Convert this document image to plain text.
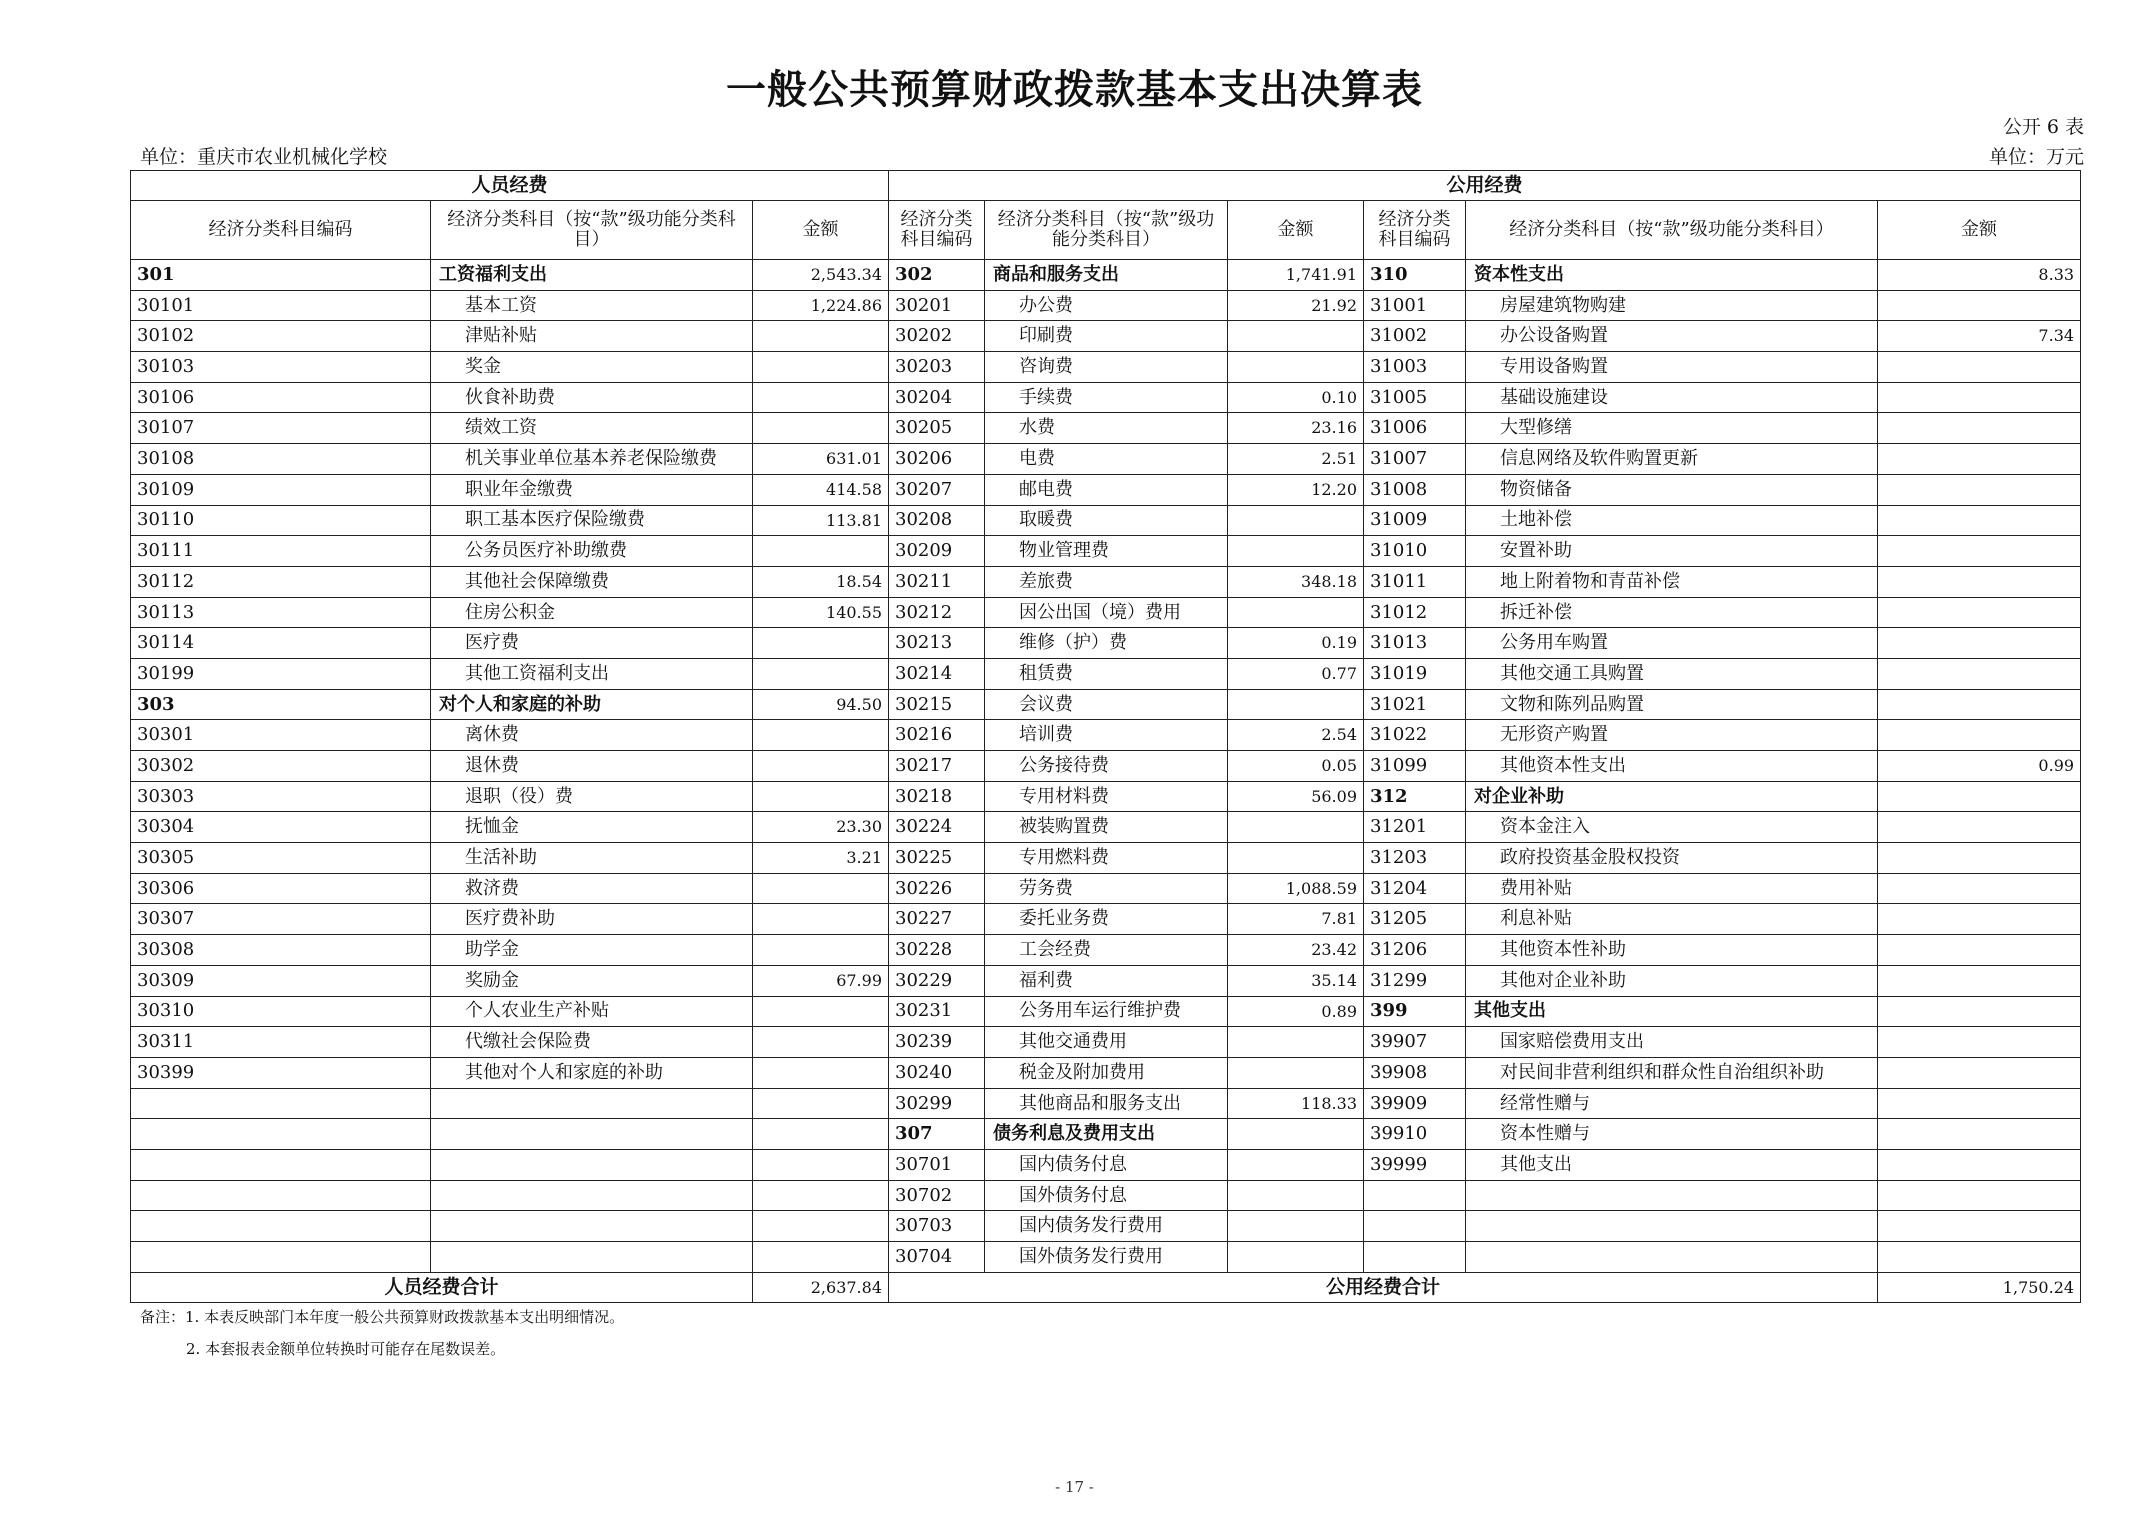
一般公共预算财政拨款基本支出决算表
公开 6 表
单位：重庆市农业机械化学校	单位：万元
人员经费			公用经费					
经济分类科目编码	经济分类科目（按“款”级功能分类科目）	金额	经济分类科目编码	经济分类科目（按“款”级功能分类科目）	金额	经济分类科目编码	经济分类科目（按“款”级功能分类科目）	金额
301	工资福利支出	2,543.34	302	商品和服务支出	1,741.91	310	资本性支出	8.33
30101	基本工资	1,224.86	30201	办公费	21.92	31001	房屋建筑物购建	
30102	津贴补贴		30202	印刷费		31002	办公设备购置	7.34
30103	奖金		30203	咨询费		31003	专用设备购置	
30106	伙食补助费		30204	手续费	0.10	31005	基础设施建设	
30107	绩效工资		30205	水费	23.16	31006	大型修缮	
30108	机关事业单位基本养老保险缴费	631.01	30206	电费	2.51	31007	信息网络及软件购置更新	
30109	职业年金缴费	414.58	30207	邮电费	12.20	31008	物资储备	
30110	职工基本医疗保险缴费	113.81	30208	取暖费		31009	土地补偿	
30111	公务员医疗补助缴费		30209	物业管理费		31010	安置补助	
30112	其他社会保障缴费	18.54	30211	差旅费	348.18	31011	地上附着物和青苗补偿	
30113	住房公积金	140.55	30212	因公出国（境）费用		31012	拆迁补偿	
30114	医疗费		30213	维修（护）费	0.19	31013	公务用车购置	
30199	其他工资福利支出		30214	租赁费	0.77	31019	其他交通工具购置	
303	对个人和家庭的补助	94.50	30215	会议费		31021	文物和陈列品购置	
30301	离休费		30216	培训费	2.54	31022	无形资产购置	
30302	退休费		30217	公务接待费	0.05	31099	其他资本性支出	0.99
30303	退职（役）费		30218	专用材料费	56.09	312	对企业补助	
30304	抚恤金	23.30	30224	被装购置费		31201	资本金注入	
30305	生活补助	3.21	30225	专用燃料费		31203	政府投资基金股权投资	
30306	救济费		30226	劳务费	1,088.59	31204	费用补贴	
30307	医疗费补助		30227	委托业务费	7.81	31205	利息补贴	
30308	助学金		30228	工会经费	23.42	31206	其他资本性补助	
30309	奖励金	67.99	30229	福利费	35.14	31299	其他对企业补助	
30310	个人农业生产补贴		30231	公务用车运行维护费	0.89	399	其他支出	
30311	代缴社会保险费		30239	其他交通费用		39907	国家赔偿费用支出	
30399	其他对个人和家庭的补助		30240	税金及附加费用		39908	对民间非营利组织和群众性自治组织补助	
			30299	其他商品和服务支出	118.33	39909	经常性赠与	
			307	债务利息及费用支出		39910	资本性赠与	
			30701	国内债务付息		39999	其他支出	
			30702	国外债务付息				
			30703	国内债务发行费用				
			30704	国外债务发行费用				
人员经费合计		2,637.84	公用经费合计					1,750.24
备注：1. 本表反映部门本年度一般公共预算财政拨款基本支出明细情况。
2. 本套报表金额单位转换时可能存在尾数误差。
- 17 -
